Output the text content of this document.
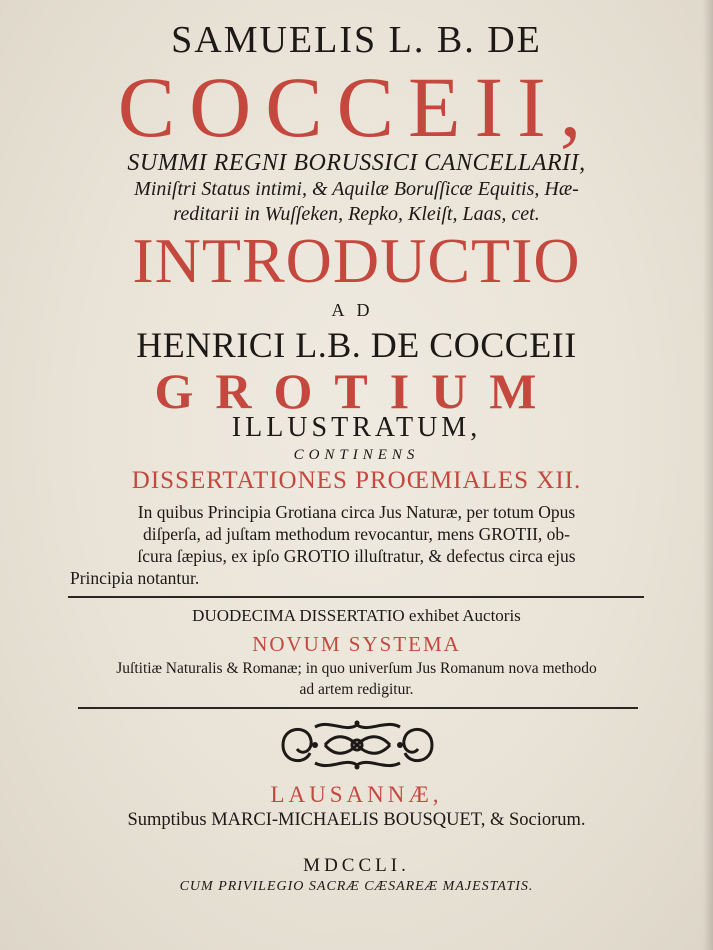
SAMUELIS L. B. DE
COCCEII,
SUMMI REGNI BORUSSICI CANCELLARII,
Miniſtri Status intimi, & Aquilæ Boruſſicæ Equitis, Hæ-
reditarii in Wuſſeken, Repko, Kleiſt, Laas, cet.
INTRODUCTIO
AD
HENRICI L.B. DE COCCEII
GROTIUM
ILLUSTRATUM,
CONTINENS
DISSERTATIONES PROŒMIALES XII.
In quibus Principia Grotiana circa Jus Naturæ, per totum Opus
diſperſa, ad juſtam methodum revocantur, mens GROTII, ob-
ſcura ſæpius, ex ipſo GROTIO illuſtratur, & defectus circa ejus
Principia notantur.
DUODECIMA DISSERTATIO exhibet Auctoris
NOVUM SYSTEMA
Juſtitiæ Naturalis & Romanæ; in quo univerſum Jus Romanum nova methodo
ad artem redigitur.
LAUSANNÆ,
Sumptibus MARCI-MICHAELIS BOUSQUET, & Sociorum.
MDCCLI.
CUM PRIVILEGIO SACRÆ CÆSAREÆ MAJESTATIS.
